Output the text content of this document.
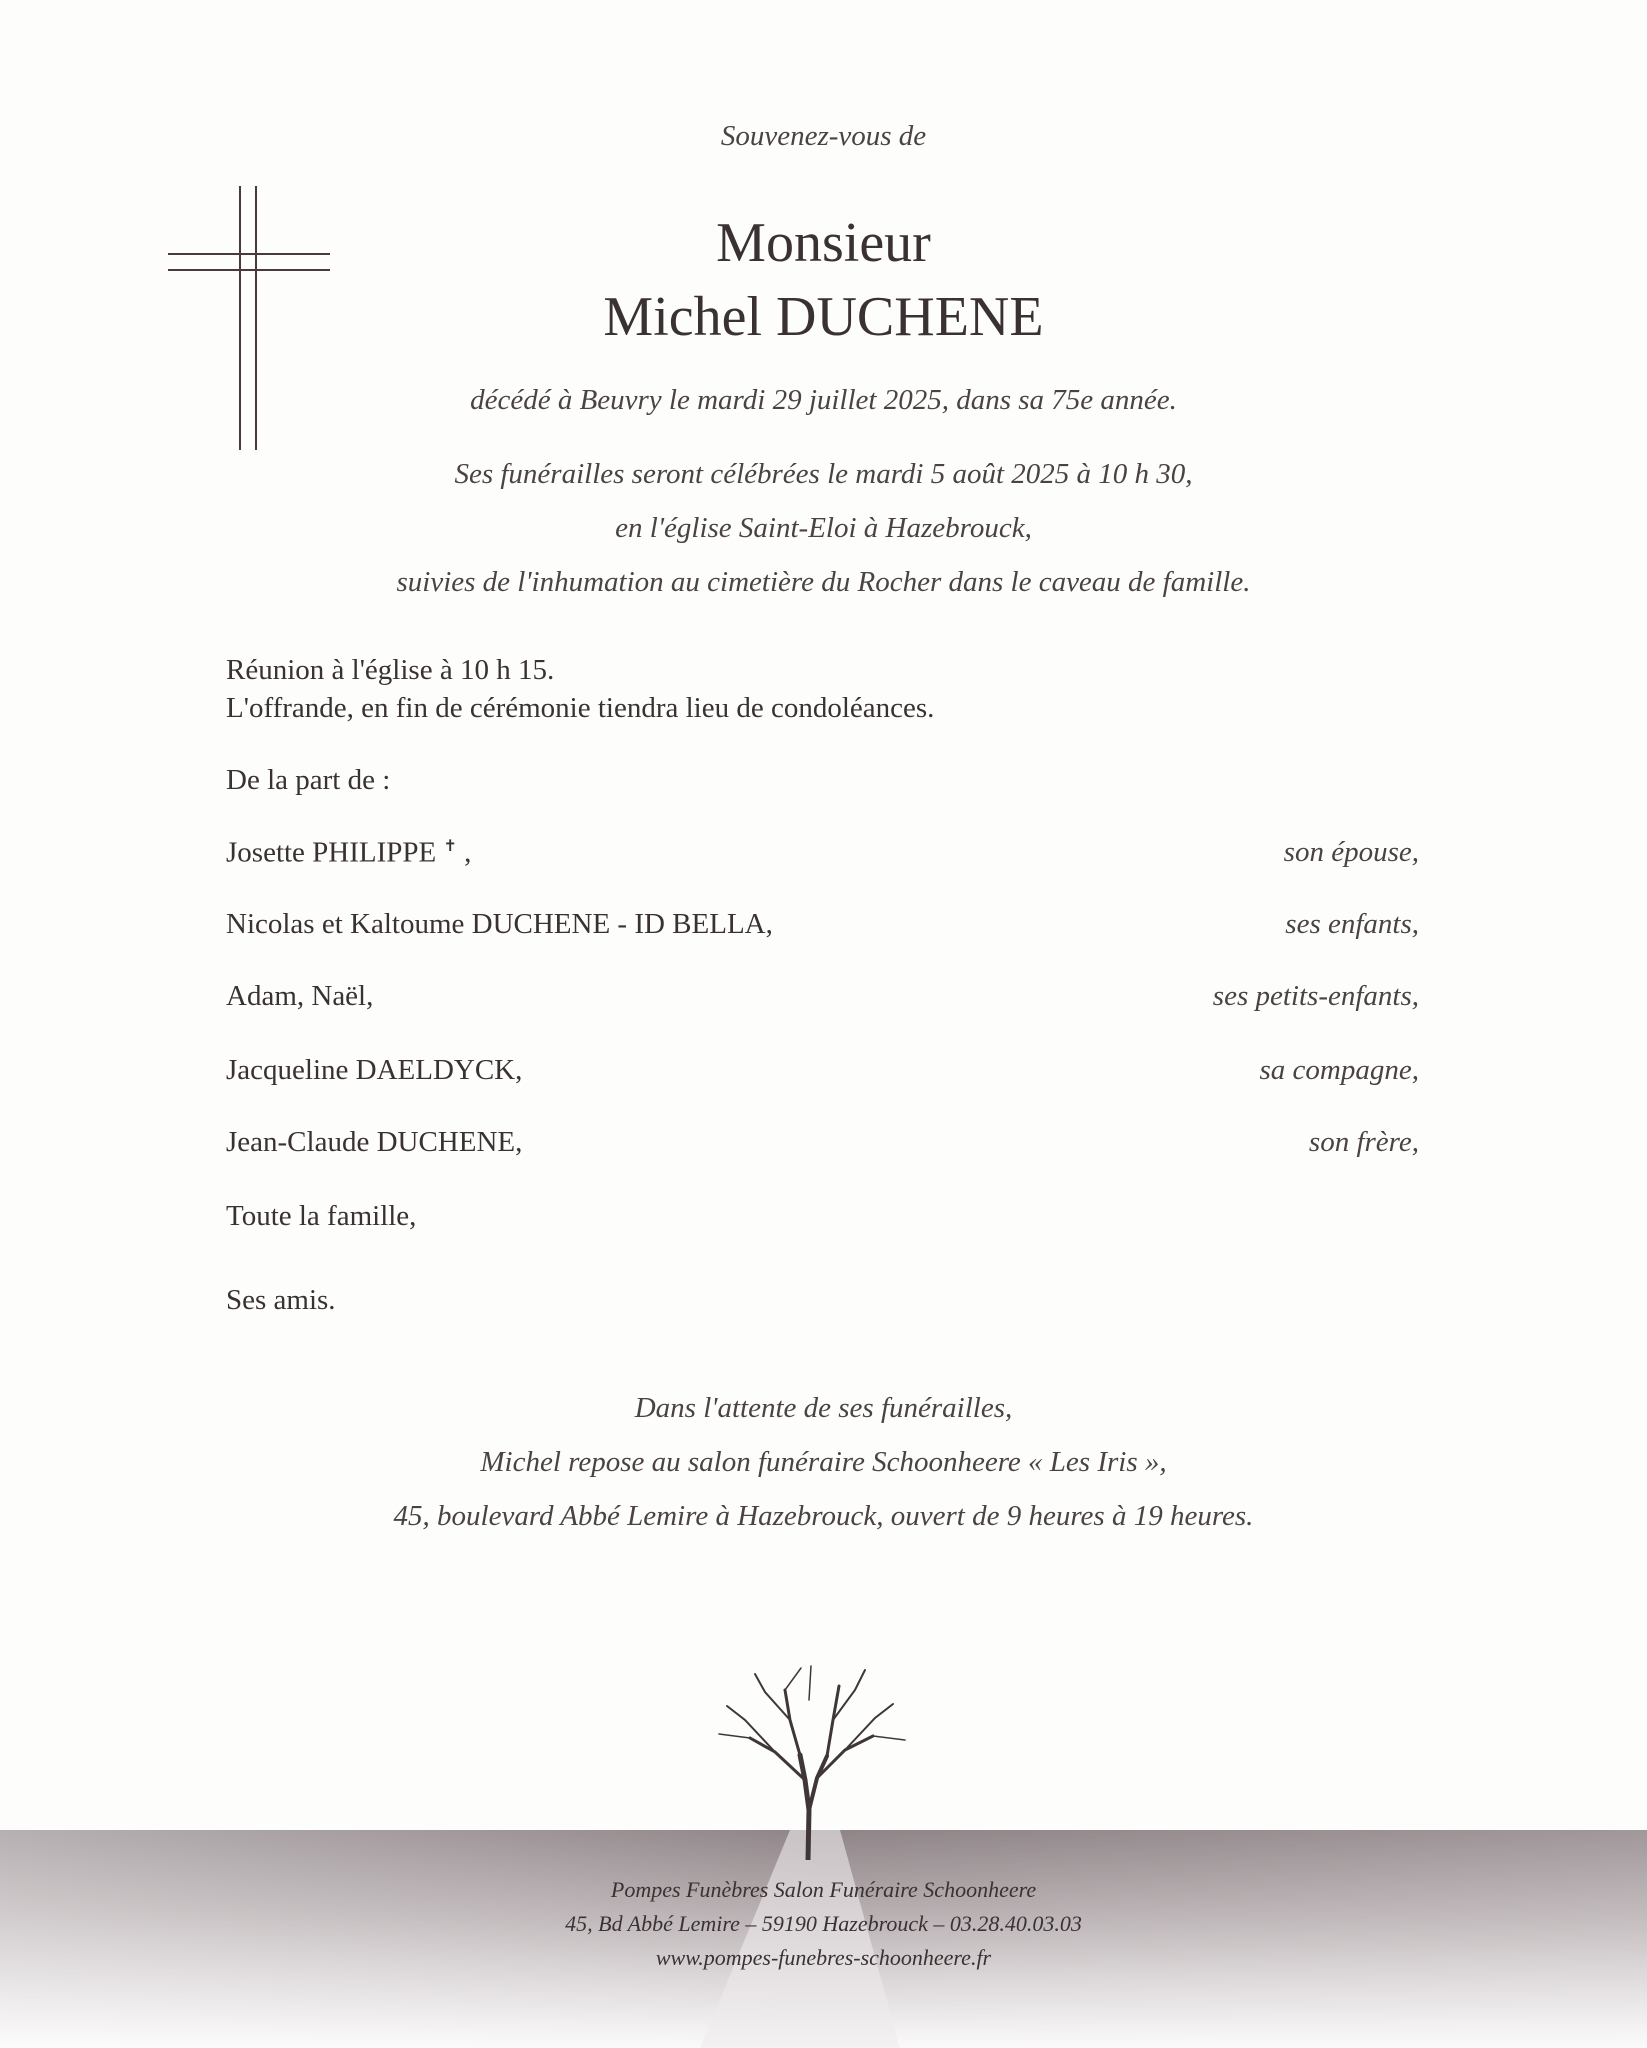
Souvenez-vous de
Monsieur
Michel DUCHENE
décédé à Beuvry le mardi 29 juillet 2025, dans sa 75e année.
Ses funérailles seront célébrées le mardi 5 août 2025 à 10 h 30,
en l'église Saint-Eloi à Hazebrouck,
suivies de l'inhumation au cimetière du Rocher dans le caveau de famille.
Réunion à l'église à 10 h 15.
L'offrande, en fin de cérémonie tiendra lieu de condoléances.
De la part de :
Josette PHILIPPE ✝ ,	son épouse,
Nicolas et Kaltoume DUCHENE - ID BELLA,	ses enfants,
Adam, Naël,	ses petits-enfants,
Jacqueline DAELDYCK,	sa compagne,
Jean-Claude DUCHENE,	son frère,
Toute la famille,
Ses amis.
Dans l'attente de ses funérailles,
Michel repose au salon funéraire Schoonheere « Les Iris »,
45, boulevard Abbé Lemire à Hazebrouck, ouvert de 9 heures à 19 heures.
Pompes Funèbres Salon Funéraire Schoonheere
45, Bd Abbé Lemire – 59190 Hazebrouck – 03.28.40.03.03
www.pompes-funebres-schoonheere.fr
